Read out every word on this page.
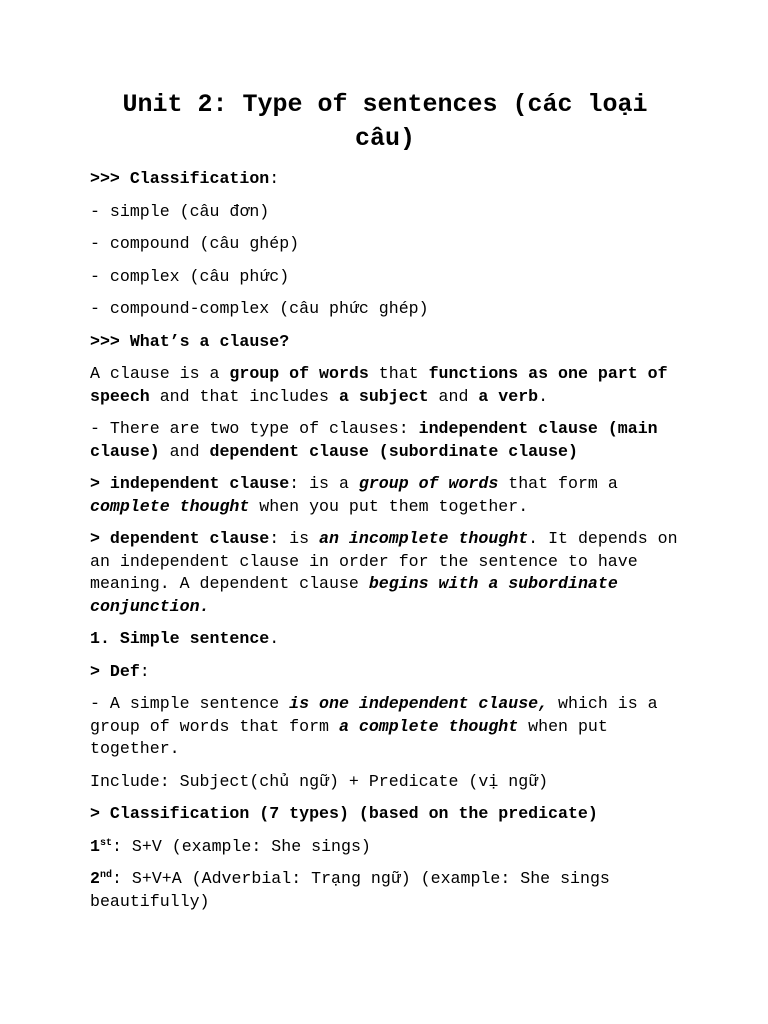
Unit 2: Type of sentences (các loại câu)

>>> Classification:

- simple (câu đơn)

- compound (câu ghép)

- complex (câu phức)

- compound-complex (câu phức ghép)

>>> What’s a clause?

A clause is a group of words that functions as one part of speech and that includes a subject and a verb.

- There are two type of clauses: independent clause (main clause) and dependent clause (subordinate clause)

> independent clause: is a group of words that form a complete thought when you put them together.

> dependent clause: is an incomplete thought. It depends on an independent clause in order for the sentence to have meaning. A dependent clause begins with a subordinate conjunction.

1. Simple sentence.

> Def:

- A simple sentence is one independent clause, which is a group of words that form a complete thought when put together.

Include: Subject(chủ ngữ) + Predicate (vị ngữ)

> Classification (7 types) (based on the predicate)

1st: S+V (example: She sings)

2nd: S+V+A (Adverbial: Trạng ngữ) (example: She sings beautifully)
